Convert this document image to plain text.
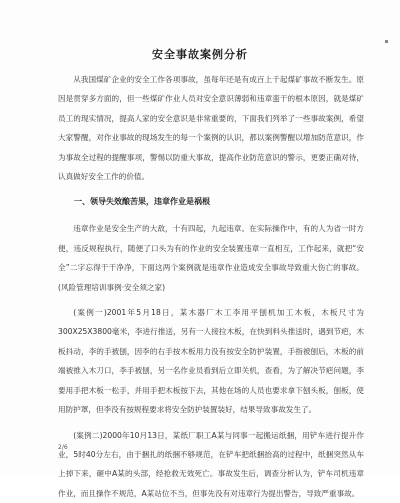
安全事故案例分析

从我国煤矿企业的安全工作各项事故，虽每年还是有成百上千起煤矿事故不断发生。原因是贯穿多方面的，但一些煤矿作业人员对安全意识薄弱和违章蛮干的根本原因，就是煤矿员工的现实情况，提高人家的安全意识是非常重要的，下面我们列举了一些事故案例，希望大家警醒，对作业事故的现场发生的每一个案例的认识，都以案例警醒以增加防范意识，作为事故全过程的提醒事项，警惕以防重大事故，提高作业防范意识的警示，更要正确对待，认真做好安全工作的价值。

一、领导失效酿苦果，违章作业是祸根

违章作业是安全生产的大敌，十有四起，九起违章。在实际操作中，有的人为省一时方便，违反规程执行，随便了口头为有的作业的安全装置违章一直相互，工作起来，就把“安全”二字忘得干干净净，下面这两个案例就是违章作业造成安全事故导致重大伤亡的事故。(风险管理培训事例·安全须之家)

(案例一)2001年5月18日，某木器厂木工李用平刨机加工木板，木板尺寸为300X25X3800毫米，李进行推送，另有一人接拉木板，在快到料头推送时，遇到节疤，木板抖动，李的手被刨，因李的右手按木板用力没有按安全防护装置，手指被刨后，木板的前端被推入木刀口，李手被刨，另一名作业员看到后立即关机，查看，为了解决节疤问题，李要用手把木板一松手，并用手把木板按下去，其他在场的人员也要求拿下刨头板，刨板，使用防护罩，但李没有按规程要求将安全防护装置装好，结果导致事故发生了。

(案例二)2000年10月13日，某纸厂职工A某与同事一起搬运纸捆，用铲车进行提升作业，5时40分左右，由于捆扎的纸捆不够规范，在铲车把纸捆抬高的过程中，纸捆突然从车上掉下来，砸中A某的头部，经抢救无效死亡。事故发生后，调查分析认为，铲车司机违章作业，而且操作不规范，A某站位不当，但事先没有对违章行为提出警告，导致严重事故。

2/6
